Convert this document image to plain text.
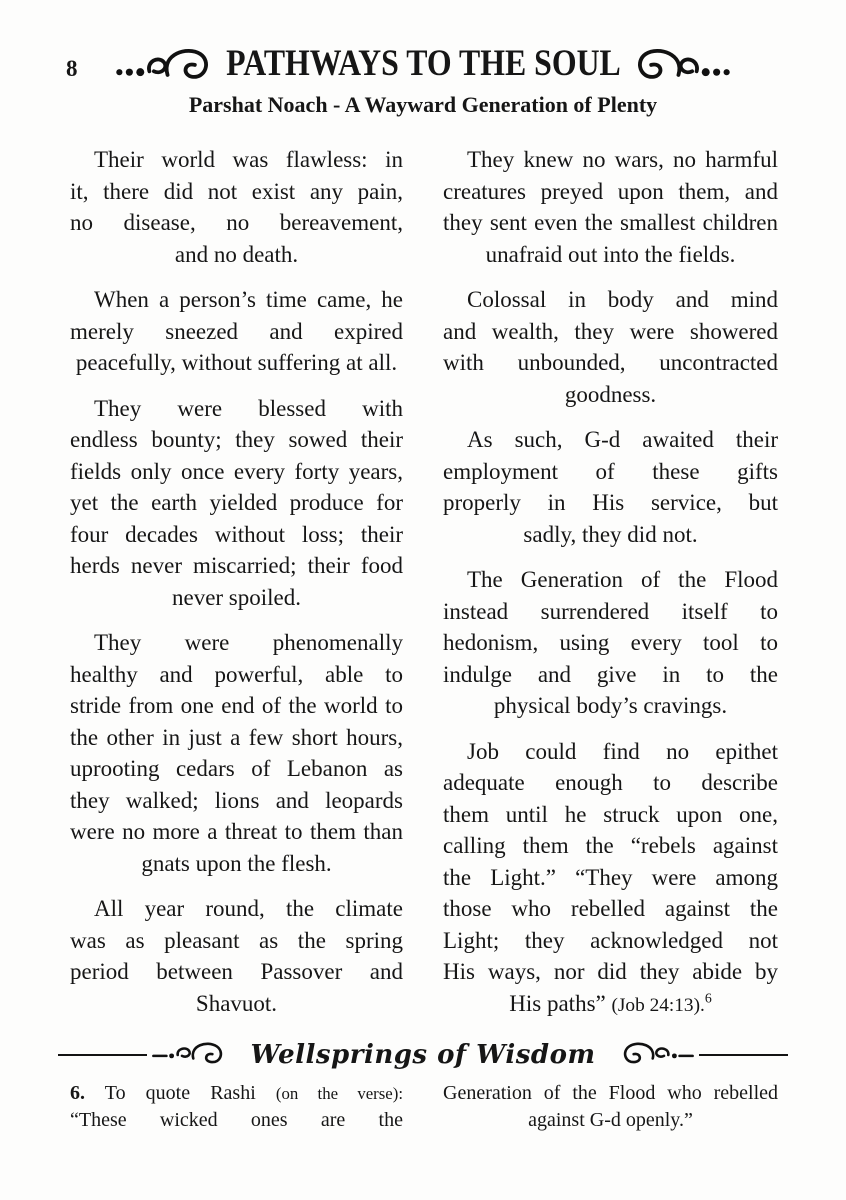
8	PATHWAYS TO THE SOUL
Parshat Noach - A Wayward Generation of Plenty
Their world was flawless: in
it, there did not exist any pain,
no disease, no bereavement,
and no death.
When a person’s time came, he
merely sneezed and expired
peacefully, without suffering at all.
They were blessed with
endless bounty; they sowed their
fields only once every forty years,
yet the earth yielded produce for
four decades without loss; their
herds never miscarried; their food
never spoiled.
They were phenomenally
healthy and powerful, able to
stride from one end of the world to
the other in just a few short hours,
uprooting cedars of Lebanon as
they walked; lions and leopards
were no more a threat to them than
gnats upon the flesh.
All year round, the climate
was as pleasant as the spring
period between Passover and
Shavuot.
They knew no wars, no harmful
creatures preyed upon them, and
they sent even the smallest children
unafraid out into the fields.
Colossal in body and mind
and wealth, they were showered
with unbounded, uncontracted
goodness.
As such, G-d awaited their
employment of these gifts
properly in His service, but
sadly, they did not.
The Generation of the Flood
instead surrendered itself to
hedonism, using every tool to
indulge and give in to the
physical body’s cravings.
Job could find no epithet
adequate enough to describe
them until he struck upon one,
calling them the “rebels against
the Light.” “They were among
those who rebelled against the
Light; they acknowledged not
His ways, nor did they abide by
His paths” (Job 24:13).$^6$
Wellsprings of Wisdom
6. To quote Rashi (on the verse):
“These wicked ones are the
Generation of the Flood who rebelled
against G-d openly.”
